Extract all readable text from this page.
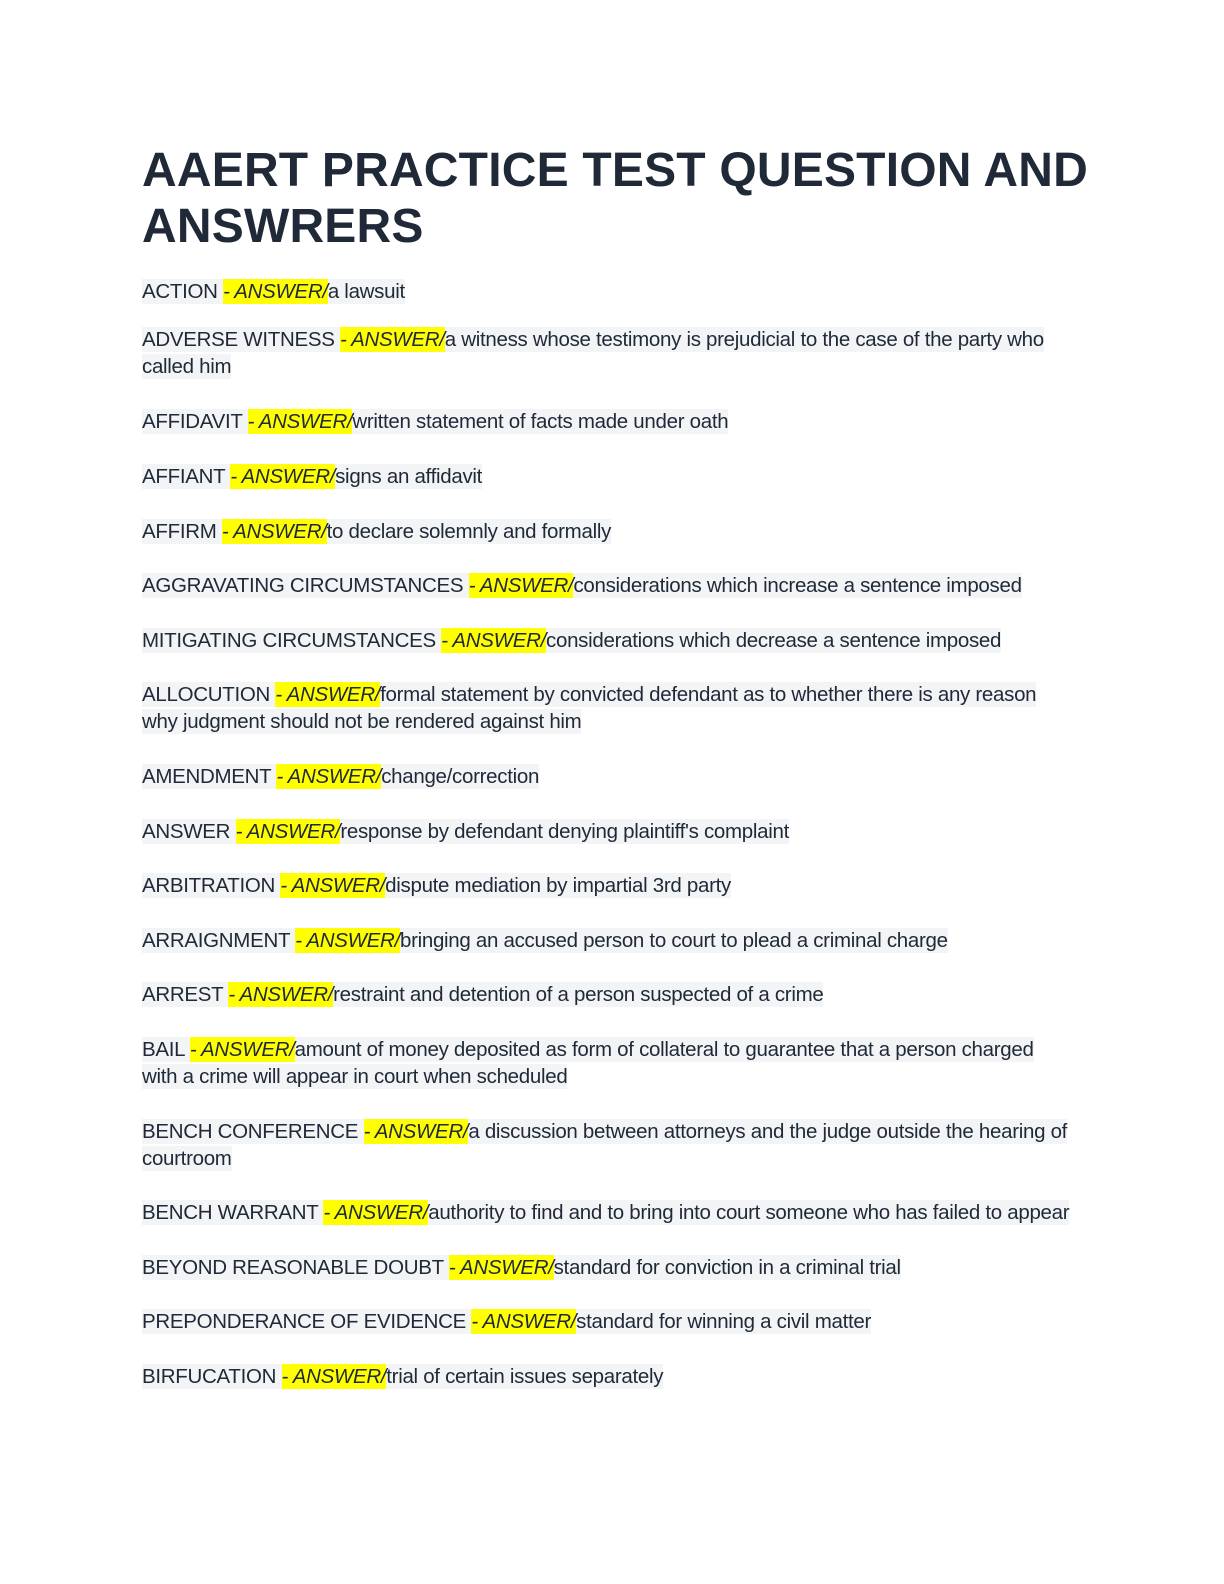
AAERT PRACTICE TEST QUESTION AND ANSWRERS
ACTION - ANSWER/a lawsuit
ADVERSE WITNESS - ANSWER/a witness whose testimony is prejudicial to the case of the party who called him
AFFIDAVIT - ANSWER/written statement of facts made under oath
AFFIANT - ANSWER/signs an affidavit
AFFIRM - ANSWER/to declare solemnly and formally
AGGRAVATING CIRCUMSTANCES - ANSWER/considerations which increase a sentence imposed
MITIGATING CIRCUMSTANCES - ANSWER/considerations which decrease a sentence imposed
ALLOCUTION - ANSWER/formal statement by convicted defendant as to whether there is any reason why judgment should not be rendered against him
AMENDMENT - ANSWER/change/correction
ANSWER - ANSWER/response by defendant denying plaintiff's complaint
ARBITRATION - ANSWER/dispute mediation by impartial 3rd party
ARRAIGNMENT - ANSWER/bringing an accused person to court to plead a criminal charge
ARREST - ANSWER/restraint and detention of a person suspected of a crime
BAIL - ANSWER/amount of money deposited as form of collateral to guarantee that a person charged with a crime will appear in court when scheduled
BENCH CONFERENCE - ANSWER/a discussion between attorneys and the judge outside the hearing of courtroom
BENCH WARRANT - ANSWER/authority to find and to bring into court someone who has failed to appear
BEYOND REASONABLE DOUBT - ANSWER/standard for conviction in a criminal trial
PREPONDERANCE OF EVIDENCE - ANSWER/standard for winning a civil matter
BIRFUCATION - ANSWER/trial of certain issues separately
